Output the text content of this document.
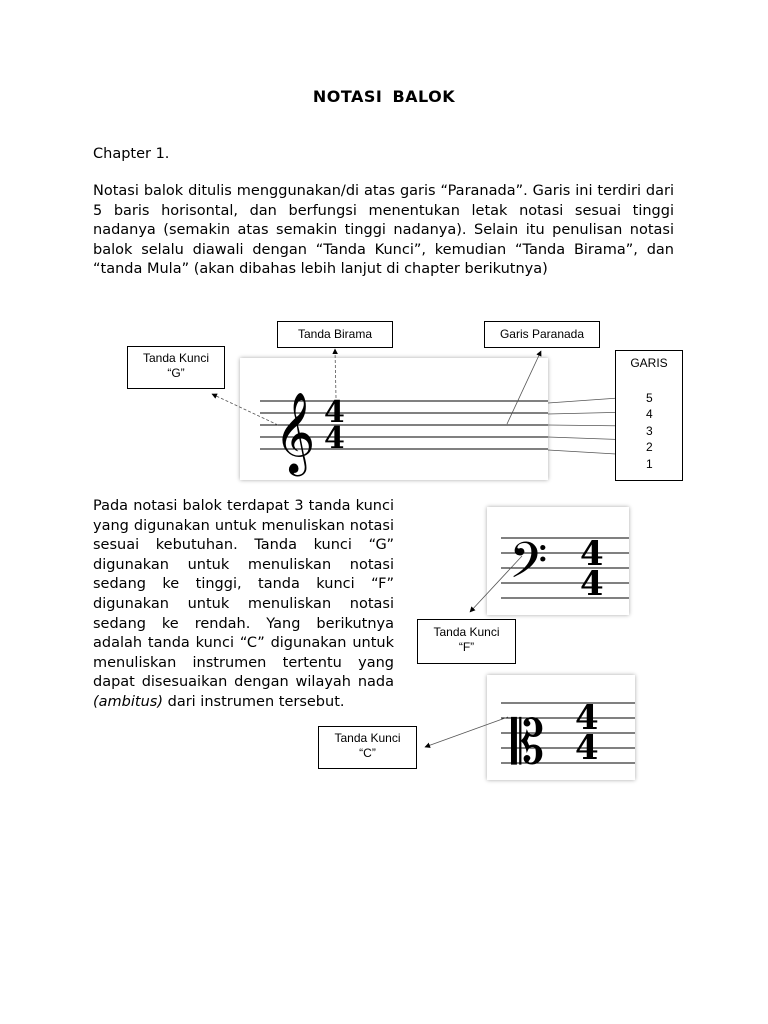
NOTASI BALOK
Chapter 1.

Notasi balok ditulis menggunakan/di atas garis “Paranada”. Garis ini terdiri dari 5 baris horisontal, dan berfungsi menentukan letak notasi sesuai tinggi nadanya (semakin atas semakin tinggi nadanya). Selain itu penulisan notasi balok selalu diawali dengan “Tanda Kunci”, kemudian “Tanda Birama”, dan “tanda Mula” (akan dibahas lebih lanjut di chapter berikutnya)

𝄞 4
4
𝄢 4
4
𝄡 4
4

Pada notasi balok terdapat 3 tanda kunci yang digunakan untuk menuliskan notasi sesuai kebutuhan. Tanda kunci “G” digunakan untuk menuliskan notasi sedang ke tinggi, tanda kunci “F” digunakan untuk menuliskan notasi sedang ke rendah. Yang berikutnya adalah tanda kunci “C” digunakan untuk menuliskan instrumen tertentu yang dapat disesuaikan dengan wilayah nada (ambitus) dari instrumen tersebut.

Tanda Birama	Garis Paranada
Tanda Kunci
“G”
GARIS
5
4
3
2
1
Tanda Kunci
“F”
Tanda Kunci
“C”
